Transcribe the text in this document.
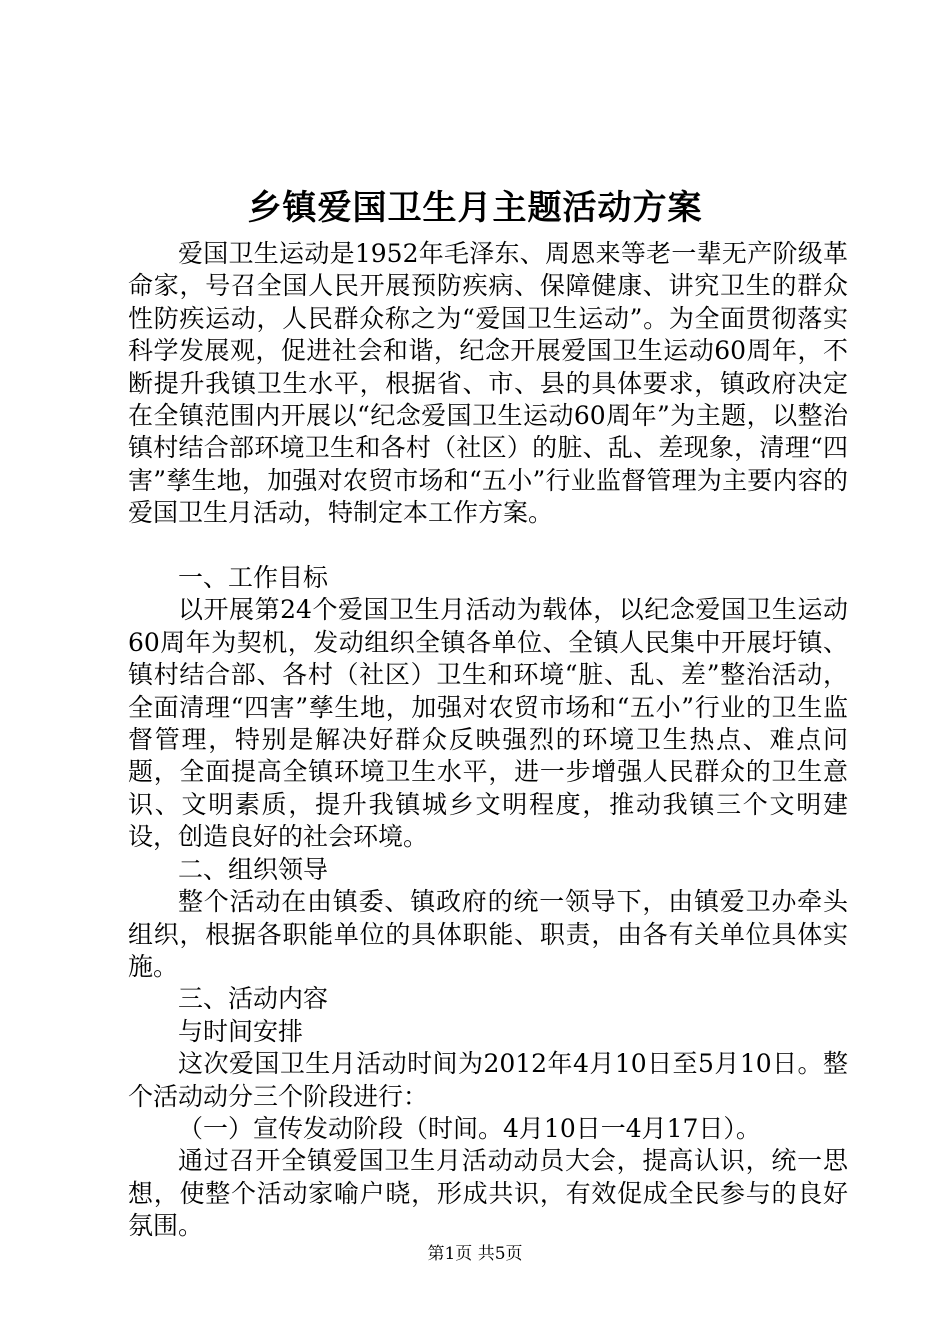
乡镇爱国卫生月主题活动方案

爱国卫生运动是1952年毛泽东、周恩来等老一辈无产阶级革命家，号召全国人民开展预防疾病、保障健康、讲究卫生的群众性防疾运动，人民群众称之为“爱国卫生运动”。为全面贯彻落实科学发展观，促进社会和谐，纪念开展爱国卫生运动60周年，不断提升我镇卫生水平，根据省、市、县的具体要求，镇政府决定在全镇范围内开展以“纪念爱国卫生运动60周年”为主题，以整治镇村结合部环境卫生和各村（社区）的脏、乱、差现象，清理“四害”孳生地，加强对农贸市场和“五小”行业监督管理为主要内容的爱国卫生月活动，特制定本工作方案。

一、工作目标

以开展第24个爱国卫生月活动为载体，以纪念爱国卫生运动60周年为契机，发动组织全镇各单位、全镇人民集中开展圩镇、镇村结合部、各村（社区）卫生和环境“脏、乱、差”整治活动，全面清理“四害”孳生地，加强对农贸市场和“五小”行业的卫生监督管理，特别是解决好群众反映强烈的环境卫生热点、难点问题，全面提高全镇环境卫生水平，进一步增强人民群众的卫生意识、文明素质，提升我镇城乡文明程度，推动我镇三个文明建设，创造良好的社会环境。

二、组织领导

整个活动在由镇委、镇政府的统一领导下，由镇爱卫办牵头组织，根据各职能单位的具体职能、职责，由各有关单位具体实施。

三、活动内容

与时间安排

这次爱国卫生月活动时间为2012年4月10日至5月10日。整个活动动分三个阶段进行：

（一）宣传发动阶段（时间。4月10日一4月17日）。

通过召开全镇爱国卫生月活动动员大会，提高认识，统一思想，使整个活动家喻户晓，形成共识，有效促成全民参与的良好氛围。

第1页 共5页
